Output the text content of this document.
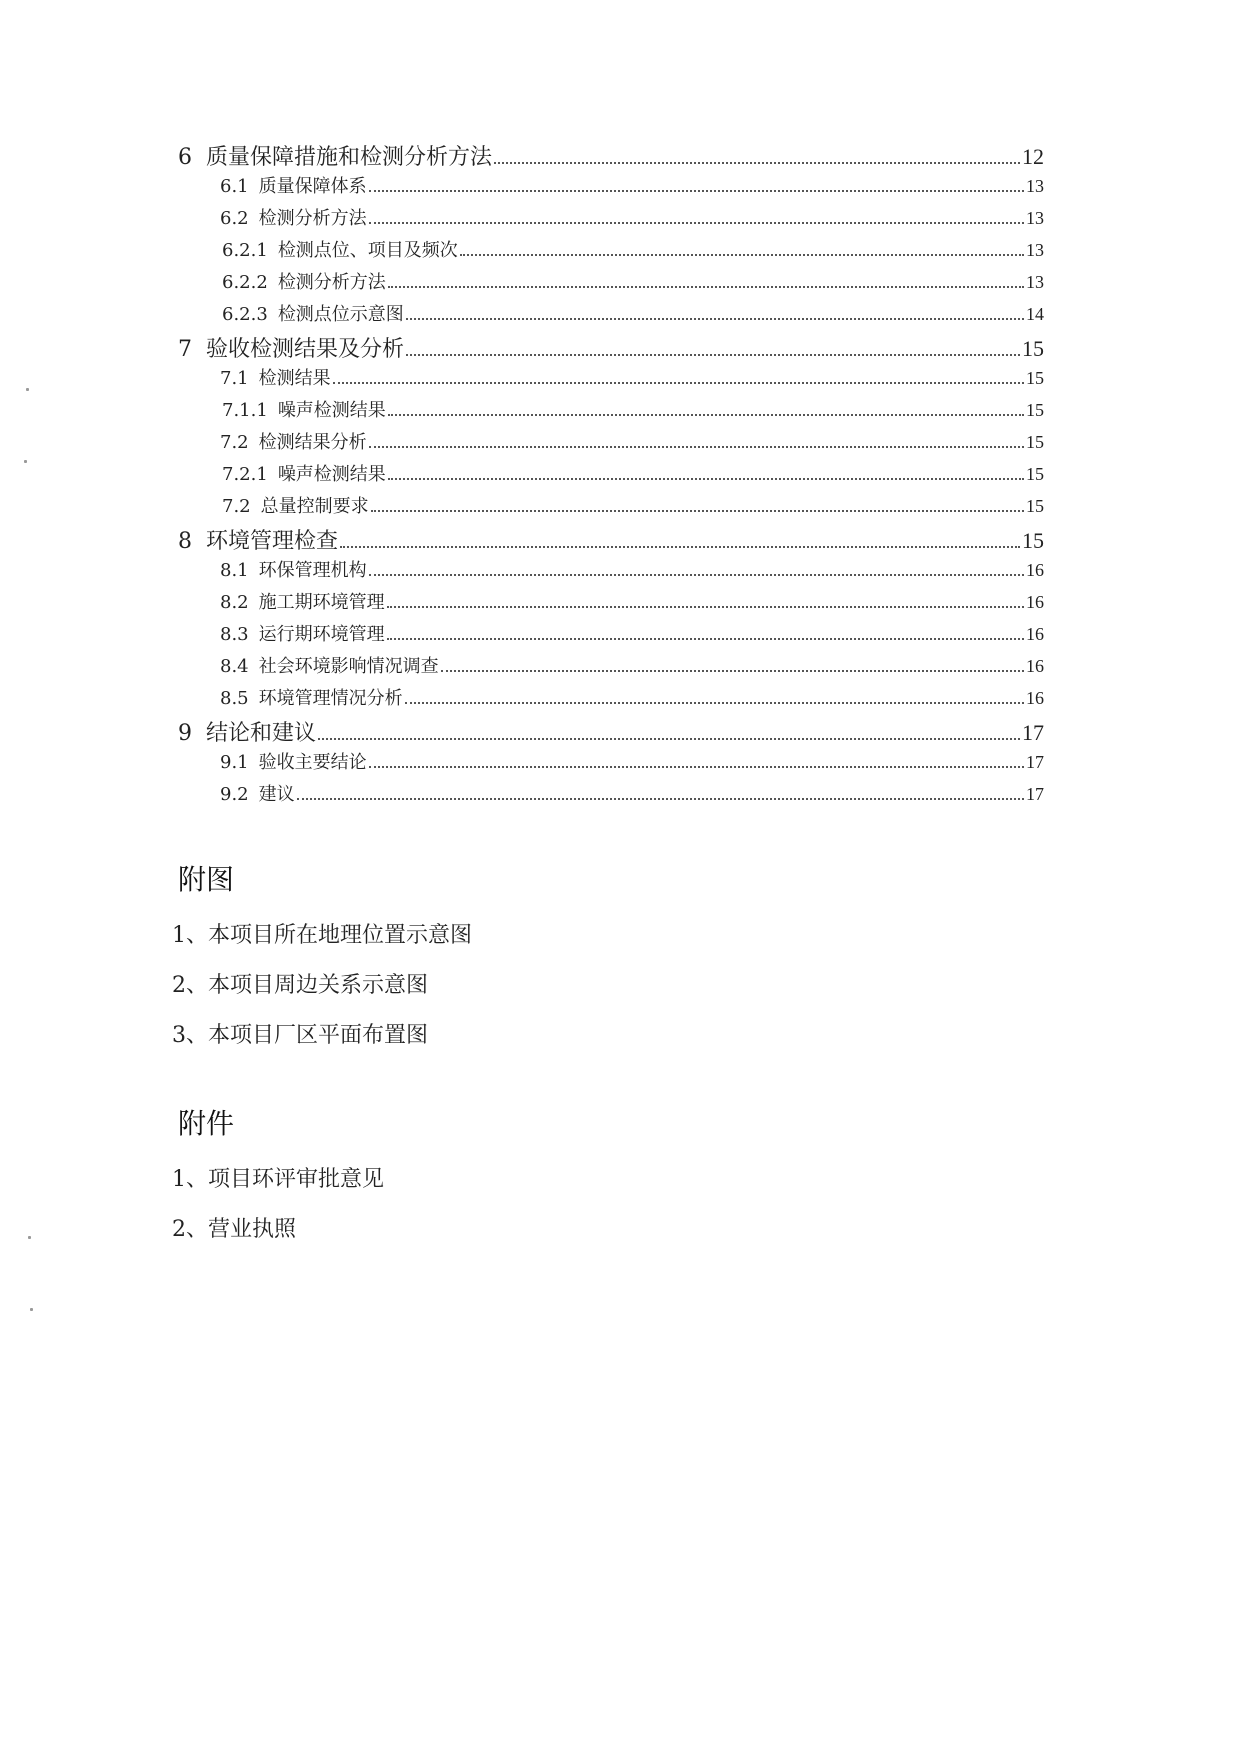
6 质量保障措施和检测分析方法	12
6.1 质量保障体系	13
6.2 检测分析方法	13
6.2.1 检测点位、项目及频次	13
6.2.2 检测分析方法	13
6.2.3 检测点位示意图	14
7 验收检测结果及分析	15
7.1 检测结果	15
7.1.1 噪声检测结果	15
7.2 检测结果分析	15
7.2.1 噪声检测结果	15
7.2 总量控制要求	15
8 环境管理检查	15
8.1 环保管理机构	16
8.2 施工期环境管理	16
8.3 运行期环境管理	16
8.4 社会环境影响情况调查	16
8.5 环境管理情况分析	16
9 结论和建议	17
9.1 验收主要结论	17
9.2 建议	17
附图
1、本项目所在地理位置示意图
2、本项目周边关系示意图
3、本项目厂区平面布置图
附件
1、项目环评审批意见
2、营业执照
